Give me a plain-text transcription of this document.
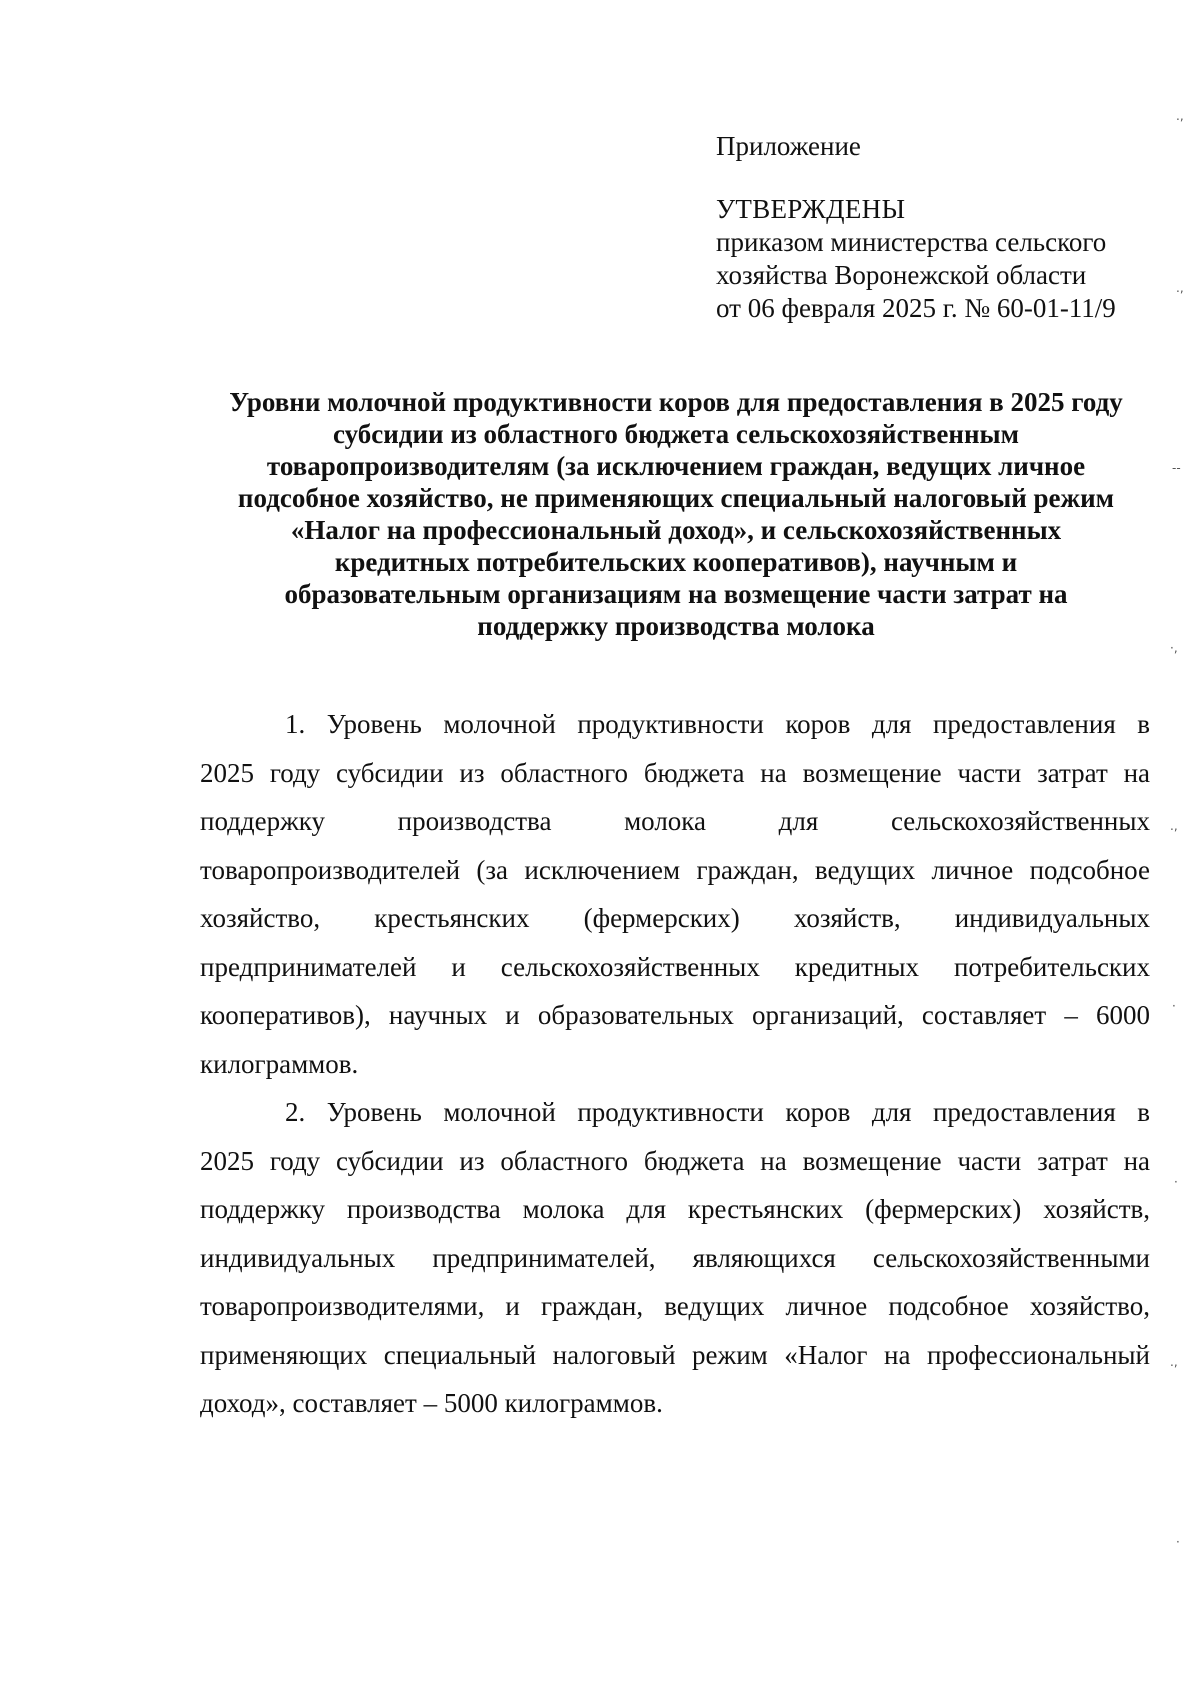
Приложение

УТВЕРЖДЕНЫ

приказом министерства сельского

хозяйства Воронежской области

от 06 февраля 2025 г. № 60-01-11/9

Уровни молочной продуктивности коров для предоставления в 2025 году
субсидии из областного бюджета сельскохозяйственным
товаропроизводителям (за исключением граждан, ведущих личное
подсобное хозяйство, не применяющих специальный налоговый режим
«Налог на профессиональный доход», и сельскохозяйственных
кредитных потребительских кооперативов), научным и
образовательным организациям на возмещение части затрат на
поддержку производства молока
1. Уровень молочной продуктивности коров для предоставления в
2025 году субсидии из областного бюджета на возмещение части затрат на
поддержку производства молока для сельскохозяйственных
товаропроизводителей (за исключением граждан, ведущих личное подсобное
хозяйство, крестьянских (фермерских) хозяйств, индивидуальных
предпринимателей и сельскохозяйственных кредитных потребительских
кооперативов), научных и образовательных организаций, составляет – 6000
килограммов.
2. Уровень молочной продуктивности коров для предоставления в
2025 году субсидии из областного бюджета на возмещение части затрат на
поддержку производства молока для крестьянских (фермерских) хозяйств,
индивидуальных предпринимателей, являющихся сельскохозяйственными
товаропроизводителями, и граждан, ведущих личное подсобное хозяйство,
применяющих специальный налоговый режим «Налог на профессиональный
доход», составляет – 5000 килограммов.
.,
.,
--
·,
.,
·
·
.,
·
